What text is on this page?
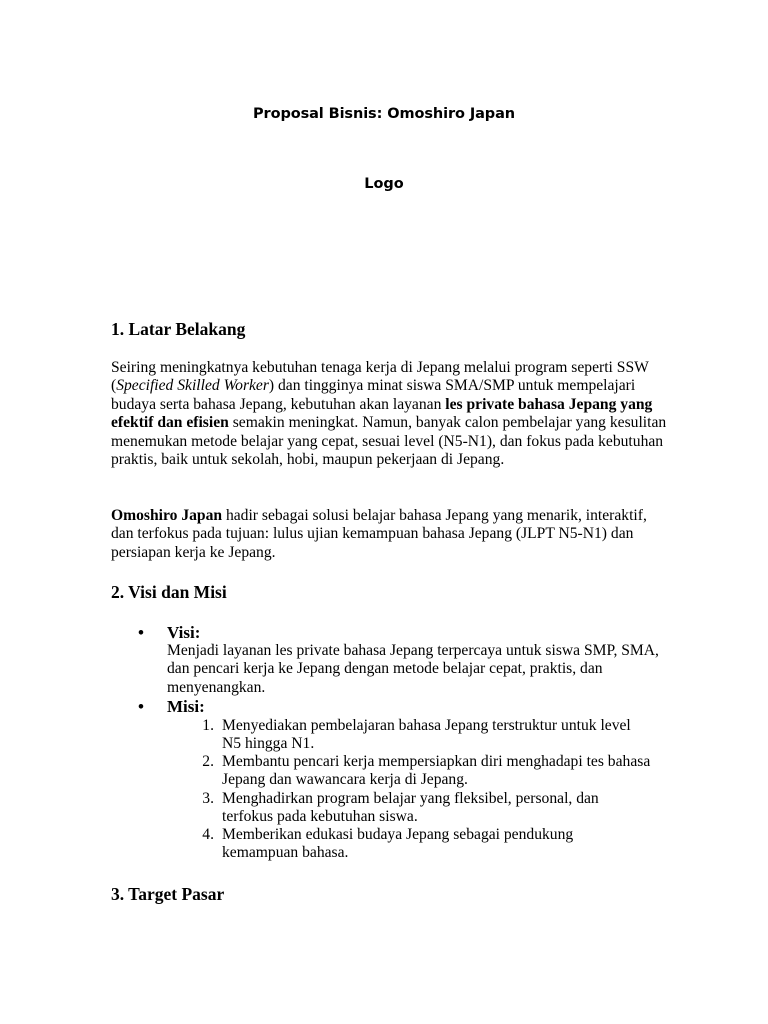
Proposal Bisnis: Omoshiro Japan
Logo
1. Latar Belakang

Seiring meningkatnya kebutuhan tenaga kerja di Jepang melalui program seperti SSW (Specified Skilled Worker) dan tingginya minat siswa SMA/SMP untuk mempelajari budaya serta bahasa Jepang, kebutuhan akan layanan les private bahasa Jepang yang efektif dan efisien semakin meningkat. Namun, banyak calon pembelajar yang kesulitan menemukan metode belajar yang cepat, sesuai level (N5-N1), dan fokus pada kebutuhan praktis, baik untuk sekolah, hobi, maupun pekerjaan di Jepang.

Omoshiro Japan hadir sebagai solusi belajar bahasa Jepang yang menarik, interaktif, dan terfokus pada tujuan: lulus ujian kemampuan bahasa Jepang (JLPT N5-N1) dan persiapan kerja ke Jepang.

2. Visi dan Misi
• Visi:

Menjadi layanan les private bahasa Jepang terpercaya untuk siswa SMP, SMA, dan pencari kerja ke Jepang dengan metode belajar cepat, praktis, dan menyenangkan.

• Misi:
1. Menyediakan pembelajaran bahasa Jepang terstruktur untuk level N5 hingga N1.

2. Membantu pencari kerja mempersiapkan diri menghadapi tes bahasa Jepang dan wawancara kerja di Jepang.

3. Menghadirkan program belajar yang fleksibel, personal, dan terfokus pada kebutuhan siswa.

4. Memberikan edukasi budaya Jepang sebagai pendukung kemampuan bahasa.

3. Target Pasar
